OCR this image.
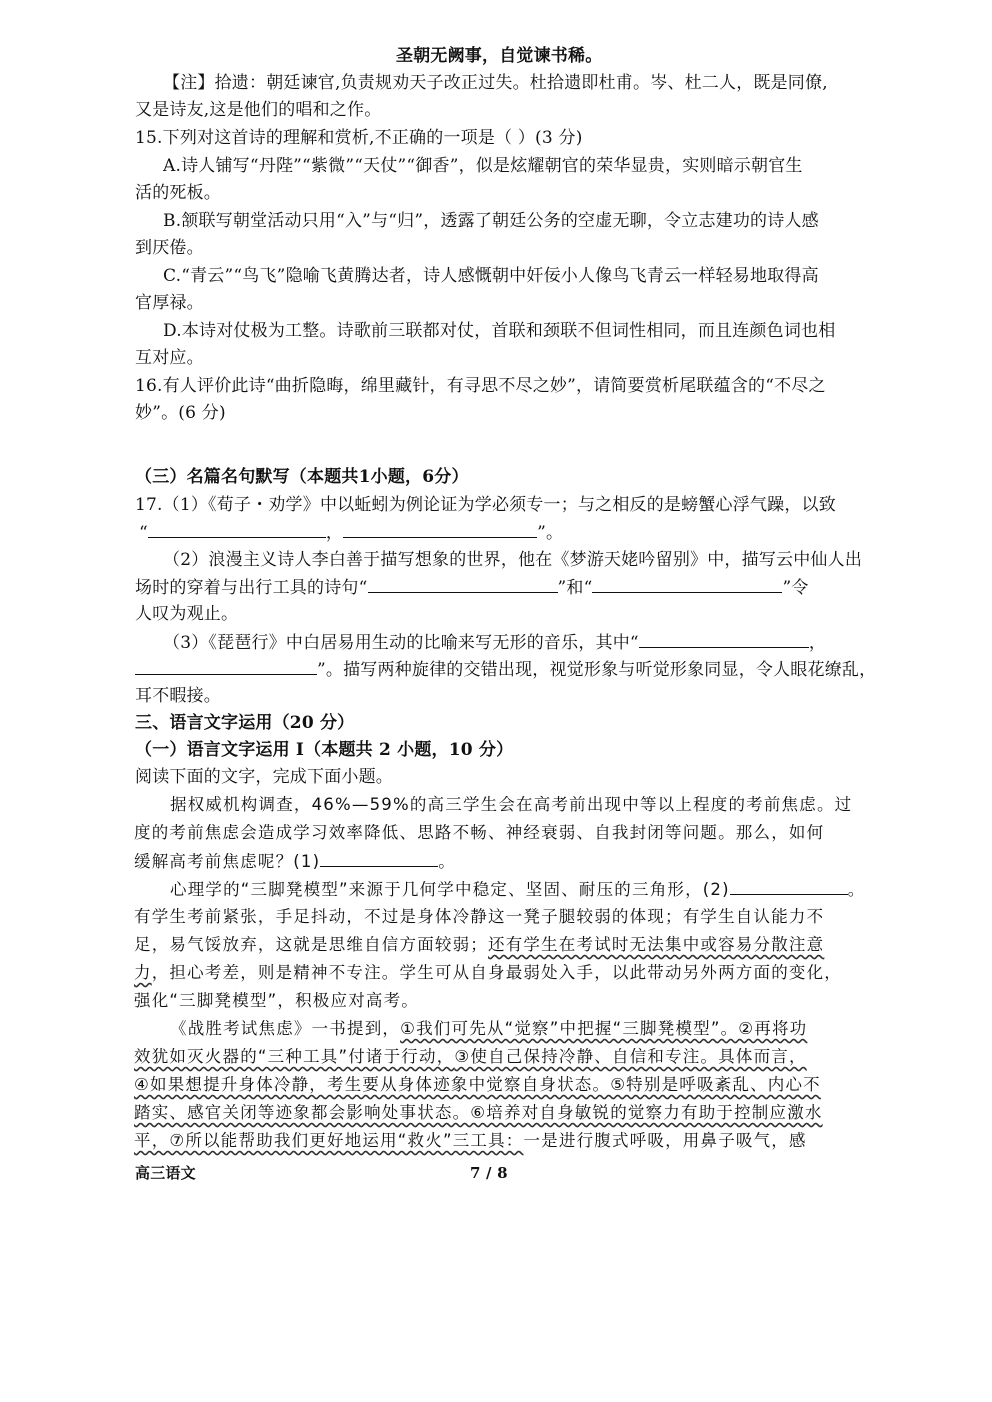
圣朝无阙事，自觉谏书稀。
【注】拾遗：朝廷谏官,负责规劝天子改正过失。杜拾遗即杜甫。岑、杜二人，既是同僚,
又是诗友,这是他们的唱和之作。
15.下列对这首诗的理解和赏析,不正确的一项是（ ）(3 分)
A.诗人铺写“丹陛”“紫微”“天仗”“御香”，似是炫耀朝官的荣华显贵，实则暗示朝官生
活的死板。
B.颔联写朝堂活动只用“入”与“归”，透露了朝廷公务的空虚无聊，令立志建功的诗人感
到厌倦。
C.“青云”“鸟飞”隐喻飞黄腾达者，诗人感慨朝中奸佞小人像鸟飞青云一样轻易地取得高
官厚禄。
D.本诗对仗极为工整。诗歌前三联都对仗，首联和颈联不但词性相同，而且连颜色词也相
互对应。
16.有人评价此诗“曲折隐晦，绵里藏针，有寻思不尽之妙”，请简要赏析尾联蕴含的“不尽之
妙”。(6 分)
（三）名篇名句默写（本题共1小题，6分）
17.（1）《荀子・劝学》中以蚯蚓为例论证为学必须专一；与之相反的是螃蟹心浮气躁，以致
“	，	”。
（2）浪漫主义诗人李白善于描写想象的世界，他在《梦游天姥吟留别》中，描写云中仙人出
场时的穿着与出行工具的诗句“	”和“	”令
人叹为观止。
（3）《琵琶行》中白居易用生动的比喻来写无形的音乐，其中“	，
”。描写两种旋律的交错出现，视觉形象与听觉形象同显，令人眼花缭乱，
耳不暇接。
三、语言文字运用（20 分）
（一）语言文字运用 I（本题共 2 小题，10 分）
阅读下面的文字，完成下面小题。
据权威机构调查，46%—59%的高三学生会在高考前出现中等以上程度的考前焦虑。过
度的考前焦虑会造成学习效率降低、思路不畅、神经衰弱、自我封闭等问题。那么，如何
缓解高考前焦虑呢？(1)	。
心理学的“三脚凳模型”来源于几何学中稳定、坚固、耐压的三角形，(2)	。
有学生考前紧张，手足抖动，不过是身体冷静这一凳子腿较弱的体现；有学生自认能力不
足，易气馁放弃，这就是思维自信方面较弱；还有学生在考试时无法集中或容易分散注意
力，担心考差，则是精神不专注。学生可从自身最弱处入手，以此带动另外两方面的变化，
强化“三脚凳模型”，积极应对高考。
《战胜考试焦虑》一书提到，①我们可先从“觉察”中把握“三脚凳模型”。②再将功
效犹如灭火器的“三种工具”付诸于行动，③使自己保持冷静、自信和专注。具体而言，
④如果想提升身体冷静，考生要从身体迹象中觉察自身状态。⑤特别是呼吸紊乱、内心不
踏实、感官关闭等迹象都会影响处事状态。⑥培养对自身敏锐的觉察力有助于控制应激水
平，⑦所以能帮助我们更好地运用“救火”三工具：一是进行腹式呼吸，用鼻子吸气，感
高三语文	7 / 8
